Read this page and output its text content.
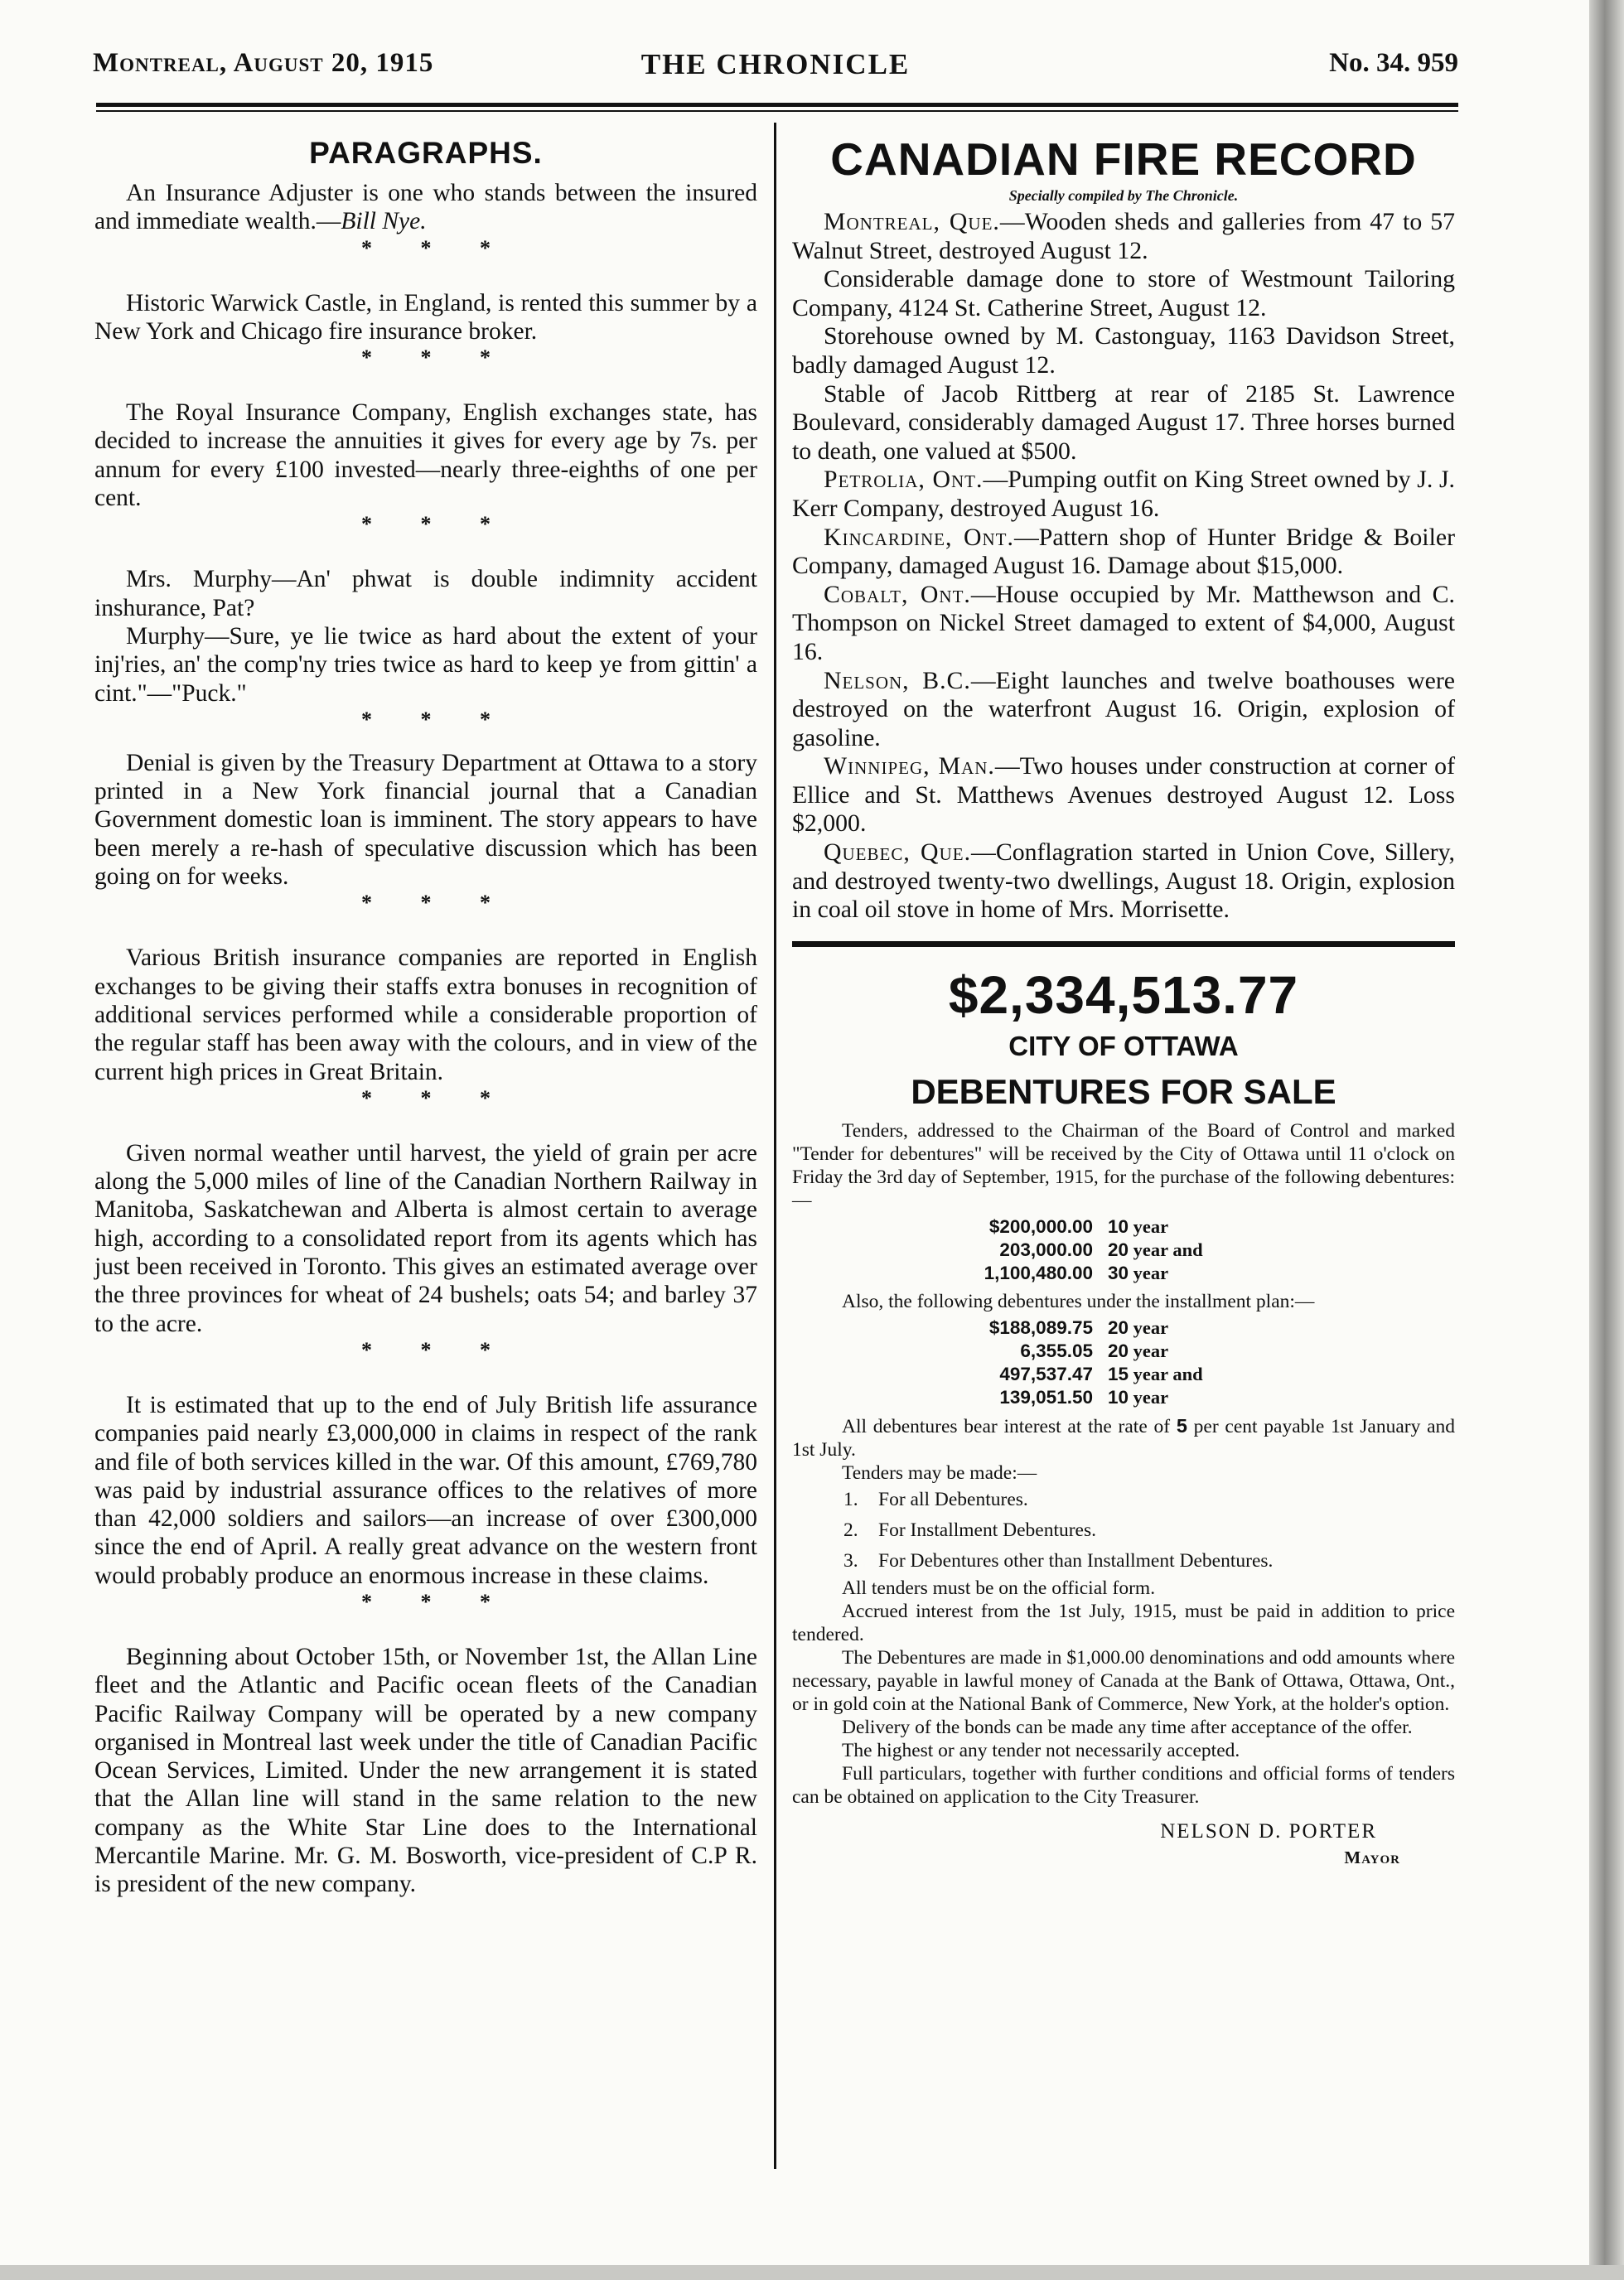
Montreal, August 20, 1915	THE CHRONICLE	No. 34. 959
PARAGRAPHS.

An Insurance Adjuster is one who stands between the insured and immediate wealth.—Bill Nye.

* * *

Historic Warwick Castle, in England, is rented this summer by a New York and Chicago fire insurance broker.

* * *

The Royal Insurance Company, English exchanges state, has decided to increase the annuities it gives for every age by 7s. per annum for every £100 invested—nearly three-eighths of one per cent.

* * *

Mrs. Murphy—An' phwat is double indimnity accident inshurance, Pat?

Murphy—Sure, ye lie twice as hard about the extent of your inj'ries, an' the comp'ny tries twice as hard to keep ye from gittin' a cint."—"Puck."

* * *

Denial is given by the Treasury Department at Ottawa to a story printed in a New York financial journal that a Canadian Government domestic loan is imminent. The story appears to have been merely a re-hash of speculative discussion which has been going on for weeks.

* * *

Various British insurance companies are reported in English exchanges to be giving their staffs extra bonuses in recognition of additional services performed while a considerable proportion of the regular staff has been away with the colours, and in view of the current high prices in Great Britain.

* * *

Given normal weather until harvest, the yield of grain per acre along the 5,000 miles of line of the Canadian Northern Railway in Manitoba, Saskatchewan and Alberta is almost certain to average high, according to a consolidated report from its agents which has just been received in Toronto. This gives an estimated average over the three provinces for wheat of 24 bushels; oats 54; and barley 37 to the acre.

* * *

It is estimated that up to the end of July British life assurance companies paid nearly £3,000,000 in claims in respect of the rank and file of both services killed in the war. Of this amount, £769,780 was paid by industrial assurance offices to the relatives of more than 42,000 soldiers and sailors—an increase of over £300,000 since the end of April. A really great advance on the western front would probably produce an enormous increase in these claims.

* * *

Beginning about October 15th, or November 1st, the Allan Line fleet and the Atlantic and Pacific ocean fleets of the Canadian Pacific Railway Company will be operated by a new company organised in Montreal last week under the title of Canadian Pacific Ocean Services, Limited. Under the new arrangement it is stated that the Allan line will stand in the same relation to the new company as the White Star Line does to the International Mercantile Marine. Mr. G. M. Bosworth, vice-president of C.P R. is president of the new company.

CANADIAN FIRE RECORD
Specially compiled by The Chronicle.

Montreal, Que.—Wooden sheds and galleries from 47 to 57 Walnut Street, destroyed August 12.

Considerable damage done to store of Westmount Tailoring Company, 4124 St. Catherine Street, August 12.

Storehouse owned by M. Castonguay, 1163 Davidson Street, badly damaged August 12.

Stable of Jacob Rittberg at rear of 2185 St. Lawrence Boulevard, considerably damaged August 17. Three horses burned to death, one valued at $500.

Petrolia, Ont.—Pumping outfit on King Street owned by J. J. Kerr Company, destroyed August 16.

Kincardine, Ont.—Pattern shop of Hunter Bridge & Boiler Company, damaged August 16. Damage about $15,000.

Cobalt, Ont.—House occupied by Mr. Matthewson and C. Thompson on Nickel Street damaged to extent of $4,000, August 16.

Nelson, B.C.—Eight launches and twelve boathouses were destroyed on the waterfront August 16. Origin, explosion of gasoline.

Winnipeg, Man.—Two houses under construction at corner of Ellice and St. Matthews Avenues destroyed August 12. Loss $2,000.

Quebec, Que.—Conflagration started in Union Cove, Sillery, and destroyed twenty-two dwellings, August 18. Origin, explosion in coal oil stove in home of Mrs. Morrisette.

$2,334,513.77
CITY OF OTTAWA
DEBENTURES FOR SALE

Tenders, addressed to the Chairman of the Board of Control and marked "Tender for debentures" will be received by the City of Ottawa until 11 o'clock on Friday the 3rd day of September, 1915, for the purchase of the following debentures:—

$200,000.00 10 year
203,000.00 20 year and
1,100,480.00 30 year

Also, the following debentures under the installment plan:—

$188,089.75 20 year
6,355.05 20 year
497,537.47 15 year and
139,051.50 10 year

All debentures bear interest at the rate of 5 per cent payable 1st January and 1st July.

Tenders may be made:—

1. For all Debentures.
2. For Installment Debentures.
3. For Debentures other than Installment Debentures.

All tenders must be on the official form.

Accrued interest from the 1st July, 1915, must be paid in addition to price tendered.

The Debentures are made in $1,000.00 denominations and odd amounts where necessary, payable in lawful money of Canada at the Bank of Ottawa, Ottawa, Ont., or in gold coin at the National Bank of Commerce, New York, at the holder's option.

Delivery of the bonds can be made any time after acceptance of the offer.

The highest or any tender not necessarily accepted.

Full particulars, together with further conditions and official forms of tenders can be obtained on application to the City Treasurer.

NELSON D. PORTER
Mayor
